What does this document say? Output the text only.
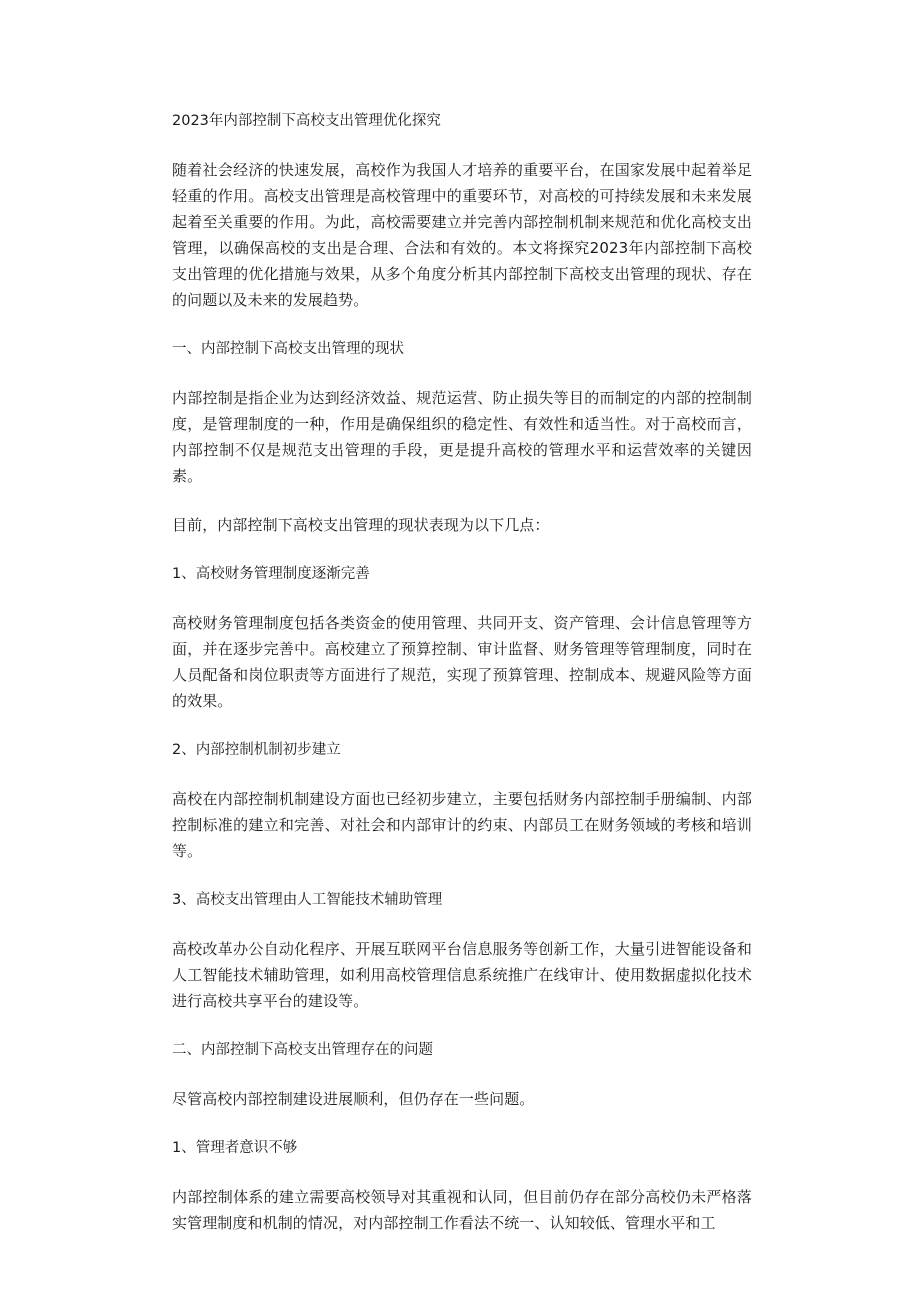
2023年内部控制下高校支出管理优化探究

随着社会经济的快速发展，高校作为我国人才培养的重要平台，在国家发展中起着举足轻重的作用。高校支出管理是高校管理中的重要环节，对高校的可持续发展和未来发展起着至关重要的作用。为此，高校需要建立并完善内部控制机制来规范和优化高校支出管理，以确保高校的支出是合理、合法和有效的。本文将探究2023年内部控制下高校支出管理的优化措施与效果，从多个角度分析其内部控制下高校支出管理的现状、存在的问题以及未来的发展趋势。

一、内部控制下高校支出管理的现状

内部控制是指企业为达到经济效益、规范运营、防止损失等目的而制定的内部的控制制度，是管理制度的一种，作用是确保组织的稳定性、有效性和适当性。对于高校而言，内部控制不仅是规范支出管理的手段，更是提升高校的管理水平和运营效率的关键因素。

目前，内部控制下高校支出管理的现状表现为以下几点：

1、高校财务管理制度逐渐完善

高校财务管理制度包括各类资金的使用管理、共同开支、资产管理、会计信息管理等方面，并在逐步完善中。高校建立了预算控制、审计监督、财务管理等管理制度，同时在人员配备和岗位职责等方面进行了规范，实现了预算管理、控制成本、规避风险等方面的效果。

2、内部控制机制初步建立

高校在内部控制机制建设方面也已经初步建立，主要包括财务内部控制手册编制、内部控制标准的建立和完善、对社会和内部审计的约束、内部员工在财务领域的考核和培训等。

3、高校支出管理由人工智能技术辅助管理

高校改革办公自动化程序、开展互联网平台信息服务等创新工作，大量引进智能设备和人工智能技术辅助管理，如利用高校管理信息系统推广在线审计、使用数据虚拟化技术进行高校共享平台的建设等。

二、内部控制下高校支出管理存在的问题

尽管高校内部控制建设进展顺利，但仍存在一些问题。

1、管理者意识不够

内部控制体系的建立需要高校领导对其重视和认同，但目前仍存在部分高校仍未严格落实管理制度和机制的情况，对内部控制工作看法不统一、认知较低、管理水平和工
